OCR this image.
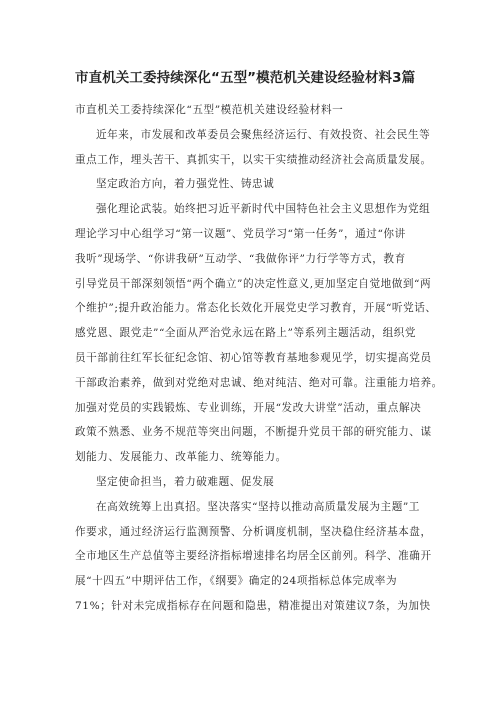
市直机关工委持续深化“五型”模范机关建设经验材料3篇
市直机关工委持续深化“五型”模范机关建设经验材料一
近年来，市发展和改革委员会聚焦经济运行、有效投资、社会民生等
重点工作，埋头苦干、真抓实干，以实干实绩推动经济社会高质量发展。
坚定政治方向，着力强党性、铸忠诚
强化理论武装。始终把习近平新时代中国特色社会主义思想作为党组
理论学习中心组学习“第一议题”、党员学习“第一任务”，通过“你讲
我听”现场学、“你讲我研”互动学、“我做你评”力行学等方式，教育
引导党员干部深刻领悟“两个确立”的决定性意义,更加坚定自觉地做到“两
个维护”;提升政治能力。常态化长效化开展党史学习教育，开展“听党话、
感党恩、跟党走”“全面从严治党永远在路上”等系列主题活动，组织党
员干部前往红军长征纪念馆、初心馆等教育基地参观见学，切实提高党员
干部政治素养，做到对党绝对忠诚、绝对纯洁、绝对可靠。注重能力培养。
加强对党员的实践锻炼、专业训练，开展“发改大讲堂”活动，重点解决
政策不熟悉、业务不规范等突出问题，不断提升党员干部的研究能力、谋
划能力、发展能力、改革能力、统筹能力。
坚定使命担当，着力破难题、促发展
在高效统筹上出真招。坚决落实“坚持以推动高质量发展为主题”工
作要求，通过经济运行监测预警、分析调度机制，坚决稳住经济基本盘，
全市地区生产总值等主要经济指标增速排名均居全区前列。科学、准确开
展“十四五”中期评估工作，《纲要》确定的24项指标总体完成率为
71%；针对未完成指标存在问题和隐患，精准提出对策建议7条，为加快
